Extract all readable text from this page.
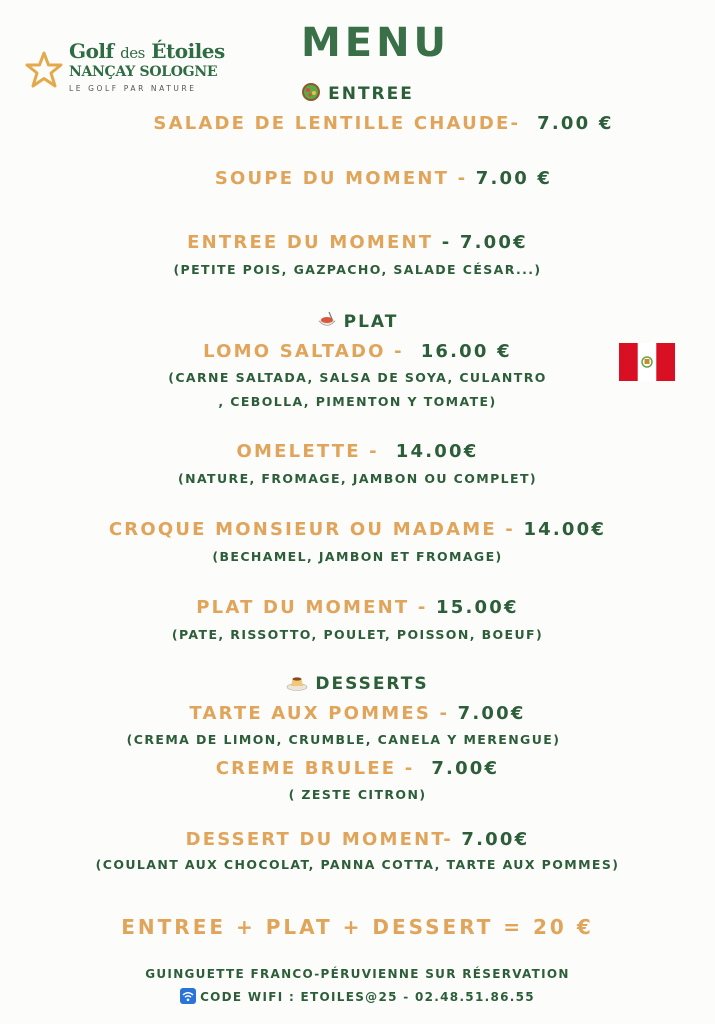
Golf des Étoiles
NANÇAY SOLOGNE
LE GOLF PAR NATURE
MENU
ENTREE
SALADE DE LENTILLE CHAUDE- 7.00 €
SOUPE DU MOMENT - 7.00 €
ENTREE DU MOMENT - 7.00€
(PETITE POIS, GAZPACHO, SALADE CÉSAR...)
PLAT
LOMO SALTADO - 16.00 €
(CARNE SALTADA, SALSA DE SOYA, CULANTRO
, CEBOLLA, PIMENTON Y TOMATE)
OMELETTE - 14.00€
(NATURE, FROMAGE, JAMBON OU COMPLET)
CROQUE MONSIEUR OU MADAME - 14.00€
(BECHAMEL, JAMBON ET FROMAGE)
PLAT DU MOMENT - 15.00€
(PATE, RISSOTTO, POULET, POISSON, BOEUF)
DESSERTS
TARTE AUX POMMES - 7.00€
(CREMA DE LIMON, CRUMBLE, CANELA Y MERENGUE)
CREME BRULEE - 7.00€
( ZESTE CITRON)
DESSERT DU MOMENT- 7.00€
(COULANT AUX CHOCOLAT, PANNA COTTA, TARTE AUX POMMES)
ENTREE + PLAT + DESSERT = 20 €
GUINGUETTE FRANCO-PÉRUVIENNE SUR RÉSERVATION
CODE WIFI : ETOILES@25 - 02.48.51.86.55
